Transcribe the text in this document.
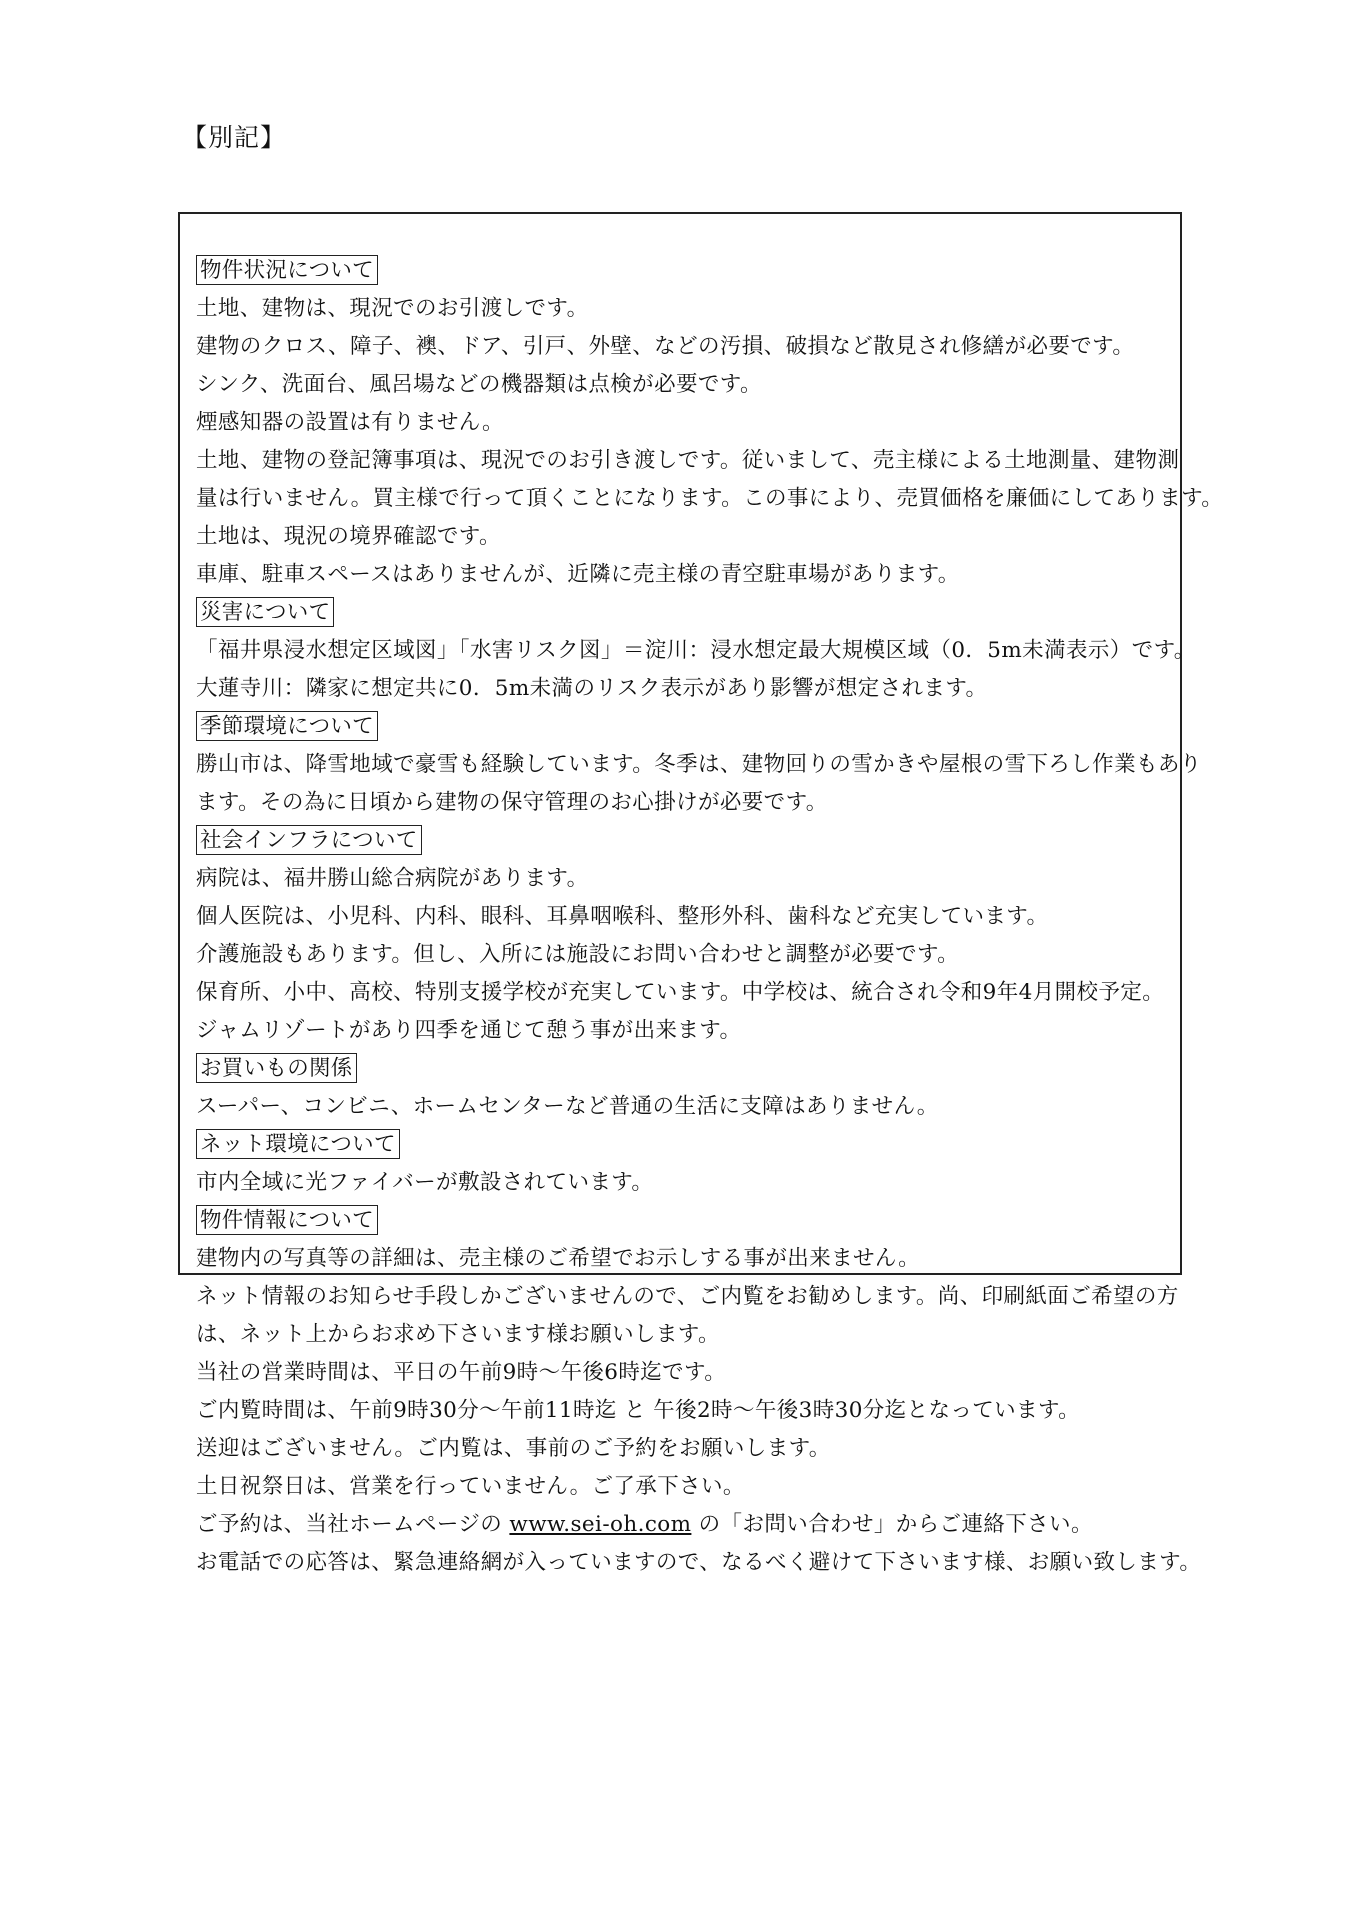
【別記】
物件状況について
土地、建物は、現況でのお引渡しです。
建物のクロス、障子、襖、ドア、引戸、外壁、などの汚損、破損など散見され修繕が必要です。
シンク、洗面台、風呂場などの機器類は点検が必要です。
煙感知器の設置は有りません。
土地、建物の登記簿事項は、現況でのお引き渡しです。従いまして、売主様による土地測量、建物測
量は行いません。買主様で行って頂くことになります。この事により、売買価格を廉価にしてあります。
土地は、現況の境界確認です。
車庫、駐車スペースはありませんが、近隣に売主様の青空駐車場があります。
災害について
「福井県浸水想定区域図」「水害リスク図」＝淀川：浸水想定最大規模区域（0．5m未満表示）です。
大蓮寺川：隣家に想定共に0．5m未満のリスク表示があり影響が想定されます。
季節環境について
勝山市は、降雪地域で豪雪も経験しています。冬季は、建物回りの雪かきや屋根の雪下ろし作業もあり
ます。その為に日頃から建物の保守管理のお心掛けが必要です。
社会インフラについて
病院は、福井勝山総合病院があります。
個人医院は、小児科、内科、眼科、耳鼻咽喉科、整形外科、歯科など充実しています。
介護施設もあります。但し、入所には施設にお問い合わせと調整が必要です。
保育所、小中、高校、特別支援学校が充実しています。中学校は、統合され令和9年4月開校予定。
ジャムリゾートがあり四季を通じて憩う事が出来ます。
お買いもの関係
スーパー、コンビニ、ホームセンターなど普通の生活に支障はありません。
ネット環境について
市内全域に光ファイバーが敷設されています。
物件情報について
建物内の写真等の詳細は、売主様のご希望でお示しする事が出来ません。
ネット情報のお知らせ手段しかございませんので、ご内覧をお勧めします。尚、印刷紙面ご希望の方
は、ネット上からお求め下さいます様お願いします。
当社の営業時間は、平日の午前9時～午後6時迄です。
ご内覧時間は、午前9時30分～午前11時迄 と 午後2時～午後3時30分迄となっています。
送迎はございません。ご内覧は、事前のご予約をお願いします。
土日祝祭日は、営業を行っていません。ご了承下さい。
ご予約は、当社ホームページの www.sei-oh.com の「お問い合わせ」からご連絡下さい。
お電話での応答は、緊急連絡網が入っていますので、なるべく避けて下さいます様、お願い致します。
